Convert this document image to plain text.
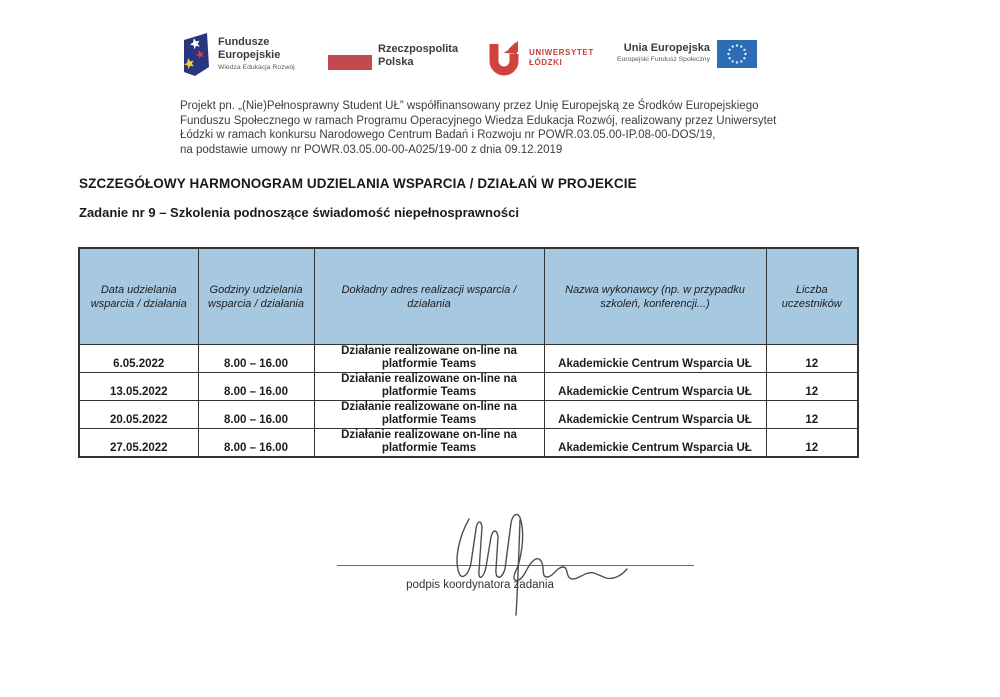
Fundusze
Europejskie
Wiedza Edukacja Rozwój
Rzeczpospolita
Polska
UNIWERSYTET
ŁÓDZKI
Unia Europejska
Europejski Fundusz Społeczny
Projekt pn. „(Nie)Pełnosprawny Student UŁ” współfinansowany przez Unię Europejską ze Środków Europejskiego
Funduszu Społecznego w ramach Programu Operacyjnego Wiedza Edukacja Rozwój, realizowany przez Uniwersytet
Łódzki w ramach konkursu Narodowego Centrum Badań i Rozwoju nr POWR.03.05.00-IP.08-00-DOS/19,
na podstawie umowy nr POWR.03.05.00-00-A025/19-00 z dnia 09.12.2019
SZCZEGÓŁOWY HARMONOGRAM UDZIELANIA WSPARCIA / DZIAŁAŃ W PROJEKCIE
Zadanie nr 9 – Szkolenia podnoszące świadomość niepełnosprawności
Data udzielania
wsparcia / działania	Godziny udzielania
wsparcia / działania	Dokładny adres realizacji wsparcia /
działania	Nazwa wykonawcy (np. w przypadku
szkoleń, konferencji...)	Liczba
uczestników

6.05.2022	8.00 – 16.00	Działanie realizowane on-line na
platformie Teams	Akademickie Centrum Wsparcia UŁ	12
13.05.2022	8.00 – 16.00	Działanie realizowane on-line na
platformie Teams	Akademickie Centrum Wsparcia UŁ	12
20.05.2022	8.00 – 16.00	Działanie realizowane on-line na
platformie Teams	Akademickie Centrum Wsparcia UŁ	12
27.05.2022	8.00 – 16.00	Działanie realizowane on-line na
platformie Teams	Akademickie Centrum Wsparcia UŁ	12
podpis koordynatora zadania
